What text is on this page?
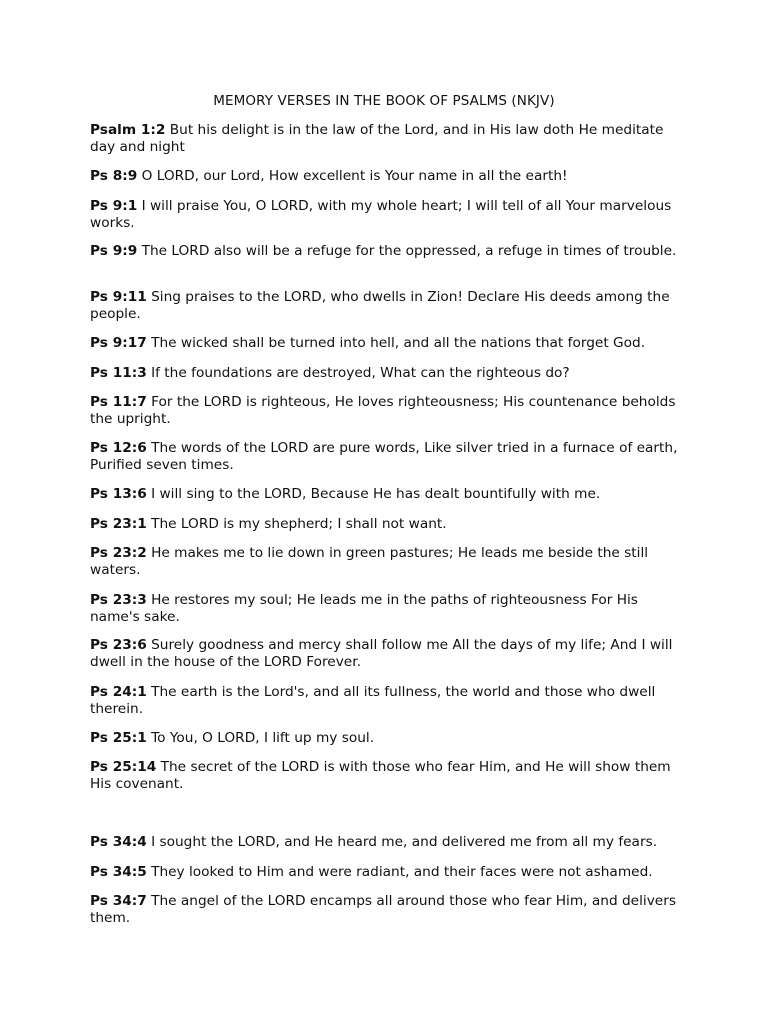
MEMORY VERSES IN THE BOOK OF PSALMS (NKJV)
Psalm 1:2 But his delight is in the law of the Lord, and in His law doth He meditate day and night
Ps 8:9 O LORD, our Lord, How excellent is Your name in all the earth!
Ps 9:1 I will praise You, O LORD, with my whole heart; I will tell of all Your marvelous works.
Ps 9:9 The LORD also will be a refuge for the oppressed, a refuge in times of trouble.
Ps 9:11 Sing praises to the LORD, who dwells in Zion! Declare His deeds among the people.
Ps 9:17 The wicked shall be turned into hell, and all the nations that forget God.
Ps 11:3 If the foundations are destroyed, What can the righteous do?
Ps 11:7 For the LORD is righteous, He loves righteousness; His countenance beholds the upright.
Ps 12:6 The words of the LORD are pure words, Like silver tried in a furnace of earth, Purified seven times.
Ps 13:6 I will sing to the LORD, Because He has dealt bountifully with me.
Ps 23:1 The LORD is my shepherd; I shall not want.
Ps 23:2 He makes me to lie down in green pastures; He leads me beside the still waters.
Ps 23:3 He restores my soul; He leads me in the paths of righteousness For His name's sake.
Ps 23:6 Surely goodness and mercy shall follow me All the days of my life; And I will dwell in the house of the LORD Forever.
Ps 24:1 The earth is the Lord's, and all its fullness, the world and those who dwell therein.
Ps 25:1 To You, O LORD, I lift up my soul.
Ps 25:14 The secret of the LORD is with those who fear Him, and He will show them His covenant.
Ps 34:4 I sought the LORD, and He heard me, and delivered me from all my fears.
Ps 34:5 They looked to Him and were radiant, and their faces were not ashamed.
Ps 34:7 The angel of the LORD encamps all around those who fear Him, and delivers them.
